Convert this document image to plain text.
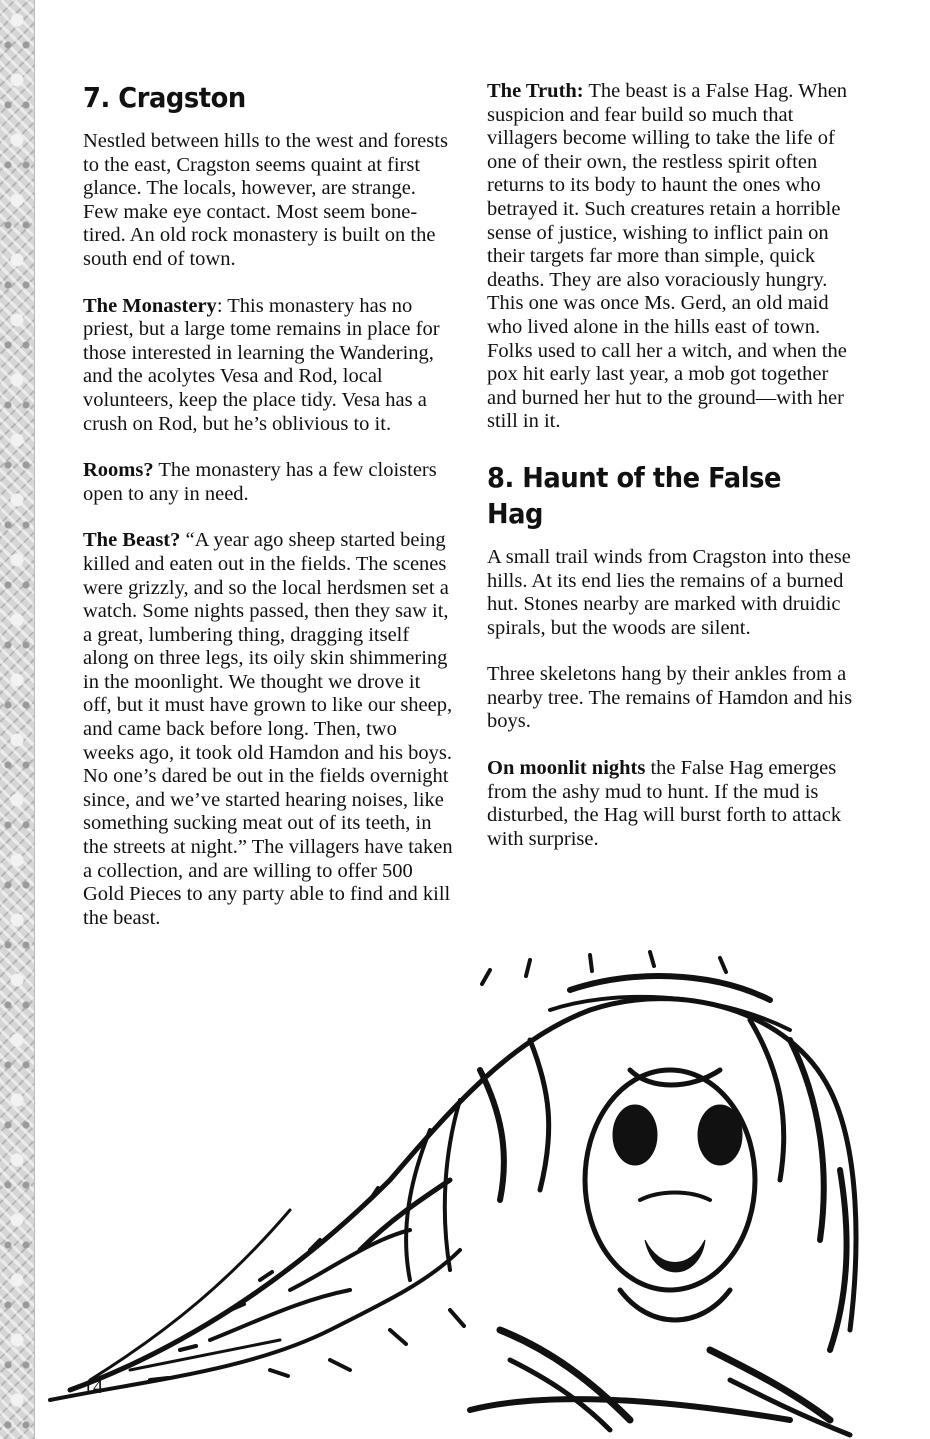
7. Cragston

Nestled between hills to the west and forests to the east, Cragston seems quaint at first glance. The locals, however, are strange. Few make eye contact. Most seem bone-tired. An old rock monastery is built on the south end of town.

The Monastery: This monastery has no priest, but a large tome remains in place for those interested in learning the Wandering, and the acolytes Vesa and Rod, local volunteers, keep the place tidy. Vesa has a crush on Rod, but he’s oblivious to it.

Rooms? The monastery has a few cloisters open to any in need.

The Beast? “A year ago sheep started being killed and eaten out in the fields. The scenes were grizzly, and so the local herdsmen set a watch. Some nights passed, then they saw it, a great, lumbering thing, dragging itself along on three legs, its oily skin shimmering in the moonlight. We thought we drove it off, but it must have grown to like our sheep, and came back before long. Then, two weeks ago, it took old Hamdon and his boys. No one’s dared be out in the fields overnight since, and we’ve started hearing noises, like something sucking meat out of its teeth, in the streets at night.” The villagers have taken a collection, and are willing to offer 500 Gold Pieces to any party able to find and kill the beast.

The Truth: The beast is a False Hag. When suspicion and fear build so much that villagers become willing to take the life of one of their own, the restless spirit often returns to its body to haunt the ones who betrayed it. Such creatures retain a horrible sense of justice, wishing to inflict pain on their targets far more than simple, quick deaths. They are also voraciously hungry. This one was once Ms. Gerd, an old maid who lived alone in the hills east of town. Folks used to call her a witch, and when the pox hit early last year, a mob got together and burned her hut to the ground—with her still in it.

8. Haunt of the False Hag

A small trail winds from Cragston into these hills. At its end lies the remains of a burned hut. Stones nearby are marked with druidic spirals, but the woods are silent.

Three skeletons hang by their ankles from a nearby tree. The remains of Hamdon and his boys.

On moonlit nights the False Hag emerges from the ashy mud to hunt. If the mud is disturbed, the Hag will burst forth to attack with surprise.

14
